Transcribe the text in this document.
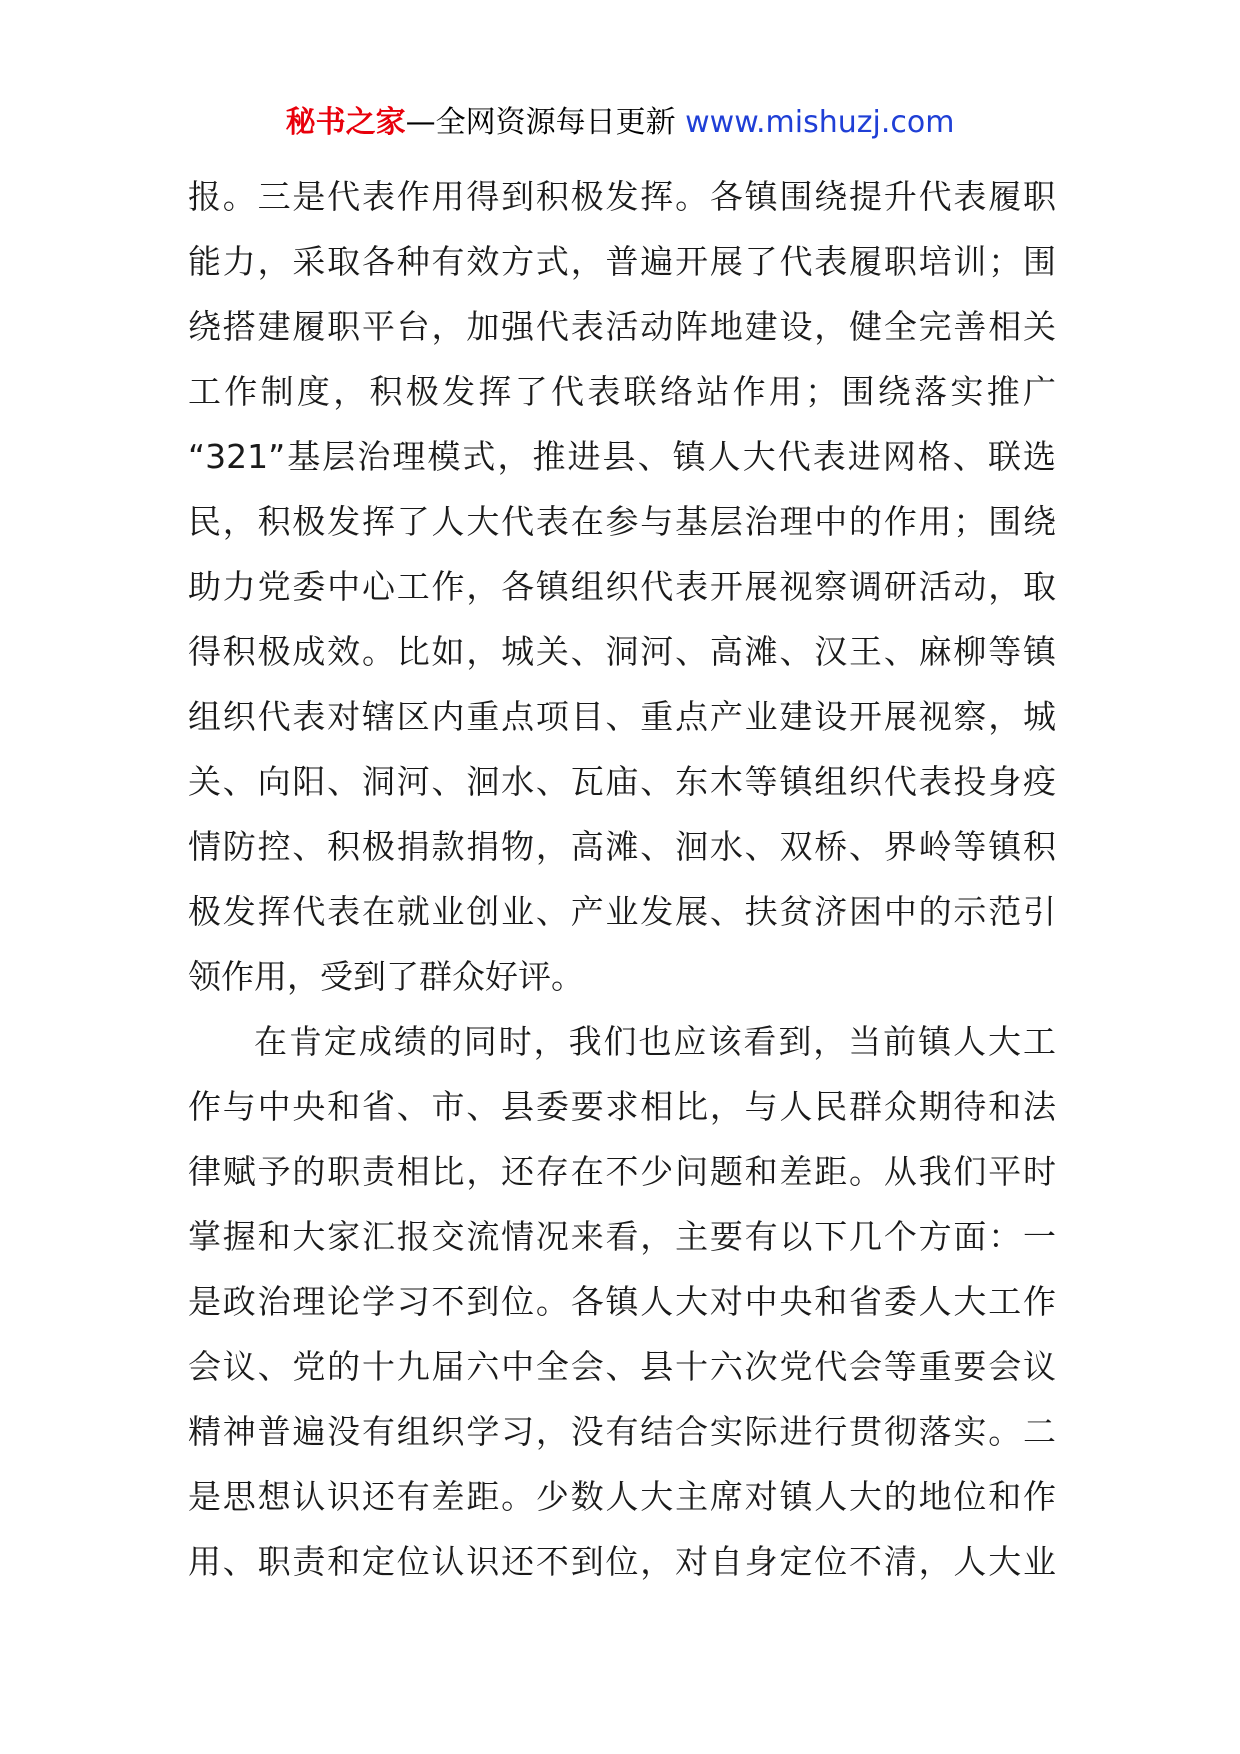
秘书之家—全网资源每日更新 www.mishuzj.com
报。三是代表作用得到积极发挥。各镇围绕提升代表履职
能力，采取各种有效方式，普遍开展了代表履职培训；围
绕搭建履职平台，加强代表活动阵地建设，健全完善相关
工作制度，积极发挥了代表联络站作用；围绕落实推广
“321”基层治理模式，推进县、镇人大代表进网格、联选
民，积极发挥了人大代表在参与基层治理中的作用；围绕
助力党委中心工作，各镇组织代表开展视察调研活动，取
得积极成效。比如，城关、洞河、高滩、汉王、麻柳等镇
组织代表对辖区内重点项目、重点产业建设开展视察，城
关、向阳、洞河、洄水、瓦庙、东木等镇组织代表投身疫
情防控、积极捐款捐物，高滩、洄水、双桥、界岭等镇积
极发挥代表在就业创业、产业发展、扶贫济困中的示范引
领作用，受到了群众好评。
在肯定成绩的同时，我们也应该看到，当前镇人大工
作与中央和省、市、县委要求相比，与人民群众期待和法
律赋予的职责相比，还存在不少问题和差距。从我们平时
掌握和大家汇报交流情况来看，主要有以下几个方面：一
是政治理论学习不到位。各镇人大对中央和省委人大工作
会议、党的十九届六中全会、县十六次党代会等重要会议
精神普遍没有组织学习，没有结合实际进行贯彻落实。二
是思想认识还有差距。少数人大主席对镇人大的地位和作
用、职责和定位认识还不到位，对自身定位不清，人大业
